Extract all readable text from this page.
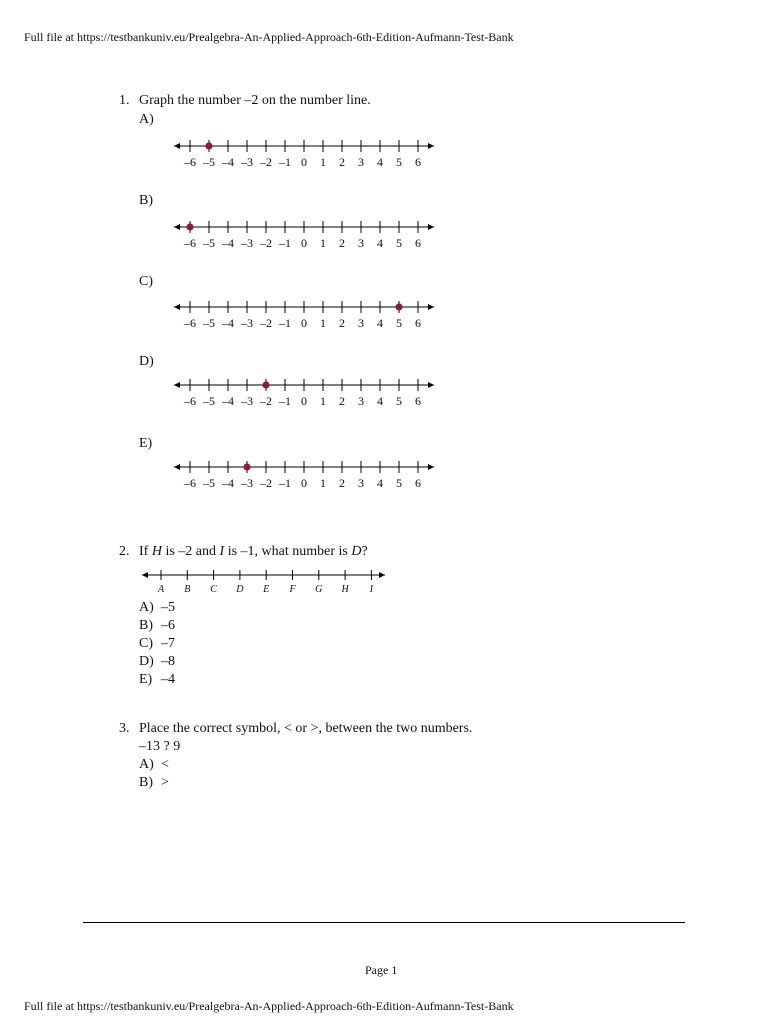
Full file at https://testbankuniv.eu/Prealgebra-An-Applied-Approach-6th-Edition-Aufmann-Test-Bank
1. Graph the number –2 on the number line.
A)
–6 –5 –4 –3 –2 –1 0 1 2 3 4 5 6
B)
–6 –5 –4 –3 –2 –1 0 1 2 3 4 5 6
C)
–6 –5 –4 –3 –2 –1 0 1 2 3 4 5 6
D)
–6 –5 –4 –3 –2 –1 0 1 2 3 4 5 6
E)
–6 –5 –4 –3 –2 –1 0 1 2 3 4 5 6
2. If H is –2 and I is –1, what number is D?
A B C D E F G H I
A) –5
B) –6
C) –7
D) –8
E) –4
3. Place the correct symbol, < or >, between the two numbers.
–13 ? 9
A) <
B) >
Page 1
Full file at https://testbankuniv.eu/Prealgebra-An-Applied-Approach-6th-Edition-Aufmann-Test-Bank
